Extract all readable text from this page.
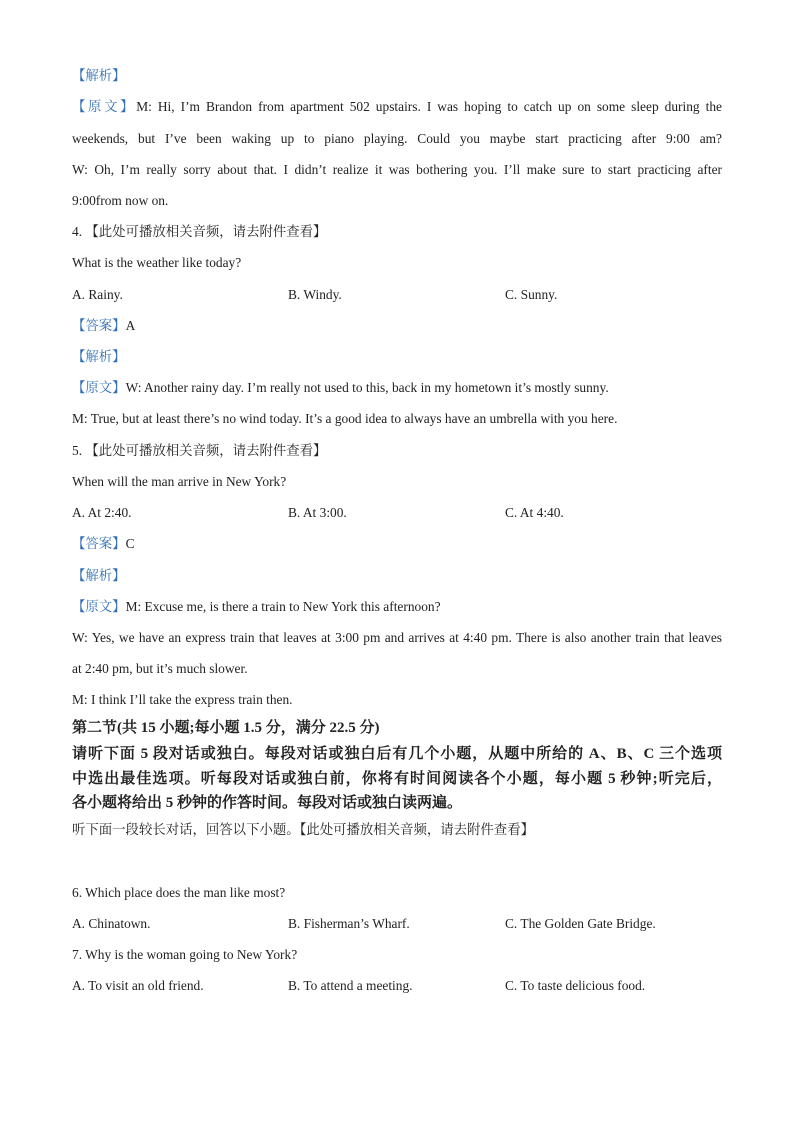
【解析】
【原文】M: Hi, I’m Brandon from apartment 502 upstairs. I was hoping to catch up on some sleep during the
weekends, but I’ve been waking up to piano playing. Could you maybe start practicing after 9:00 am?
W: Oh, I’m really sorry about that. I didn’t realize it was bothering you. I’ll make sure to start practicing after
9:00from now on.
4. 【此处可播放相关音频，请去附件查看】
What is the weather like today?
A. Rainy.	B. Windy.	C. Sunny.
【答案】A
【解析】
【原文】W: Another rainy day. I’m really not used to this, back in my hometown it’s mostly sunny.
M: True, but at least there’s no wind today. It’s a good idea to always have an umbrella with you here.
5. 【此处可播放相关音频，请去附件查看】
When will the man arrive in New York?
A. At 2:40.	B. At 3:00.	C. At 4:40.
【答案】C
【解析】
【原文】M: Excuse me, is there a train to New York this afternoon?
W: Yes, we have an express train that leaves at 3:00 pm and arrives at 4:40 pm. There is also another train that leaves
at 2:40 pm, but it’s much slower.
M: I think I’ll take the express train then.
第二节(共 15 小题;每小题 1.5 分，满分 22.5 分)
请听下面 5 段对话或独白。每段对话或独白后有几个小题，从题中所给的 A、B、C 三个选项
中选出最佳选项。听每段对话或独白前，你将有时间阅读各个小题，每小题 5 秒钟;听完后，
各小题将给出 5 秒钟的作答时间。每段对话或独白读两遍。
听下面一段较长对话，回答以下小题。【此处可播放相关音频，请去附件查看】
6. Which place does the man like most?
A. Chinatown.	B. Fisherman’s Wharf.	C. The Golden Gate Bridge.
7. Why is the woman going to New York?
A. To visit an old friend.	B. To attend a meeting.	C. To taste delicious food.
